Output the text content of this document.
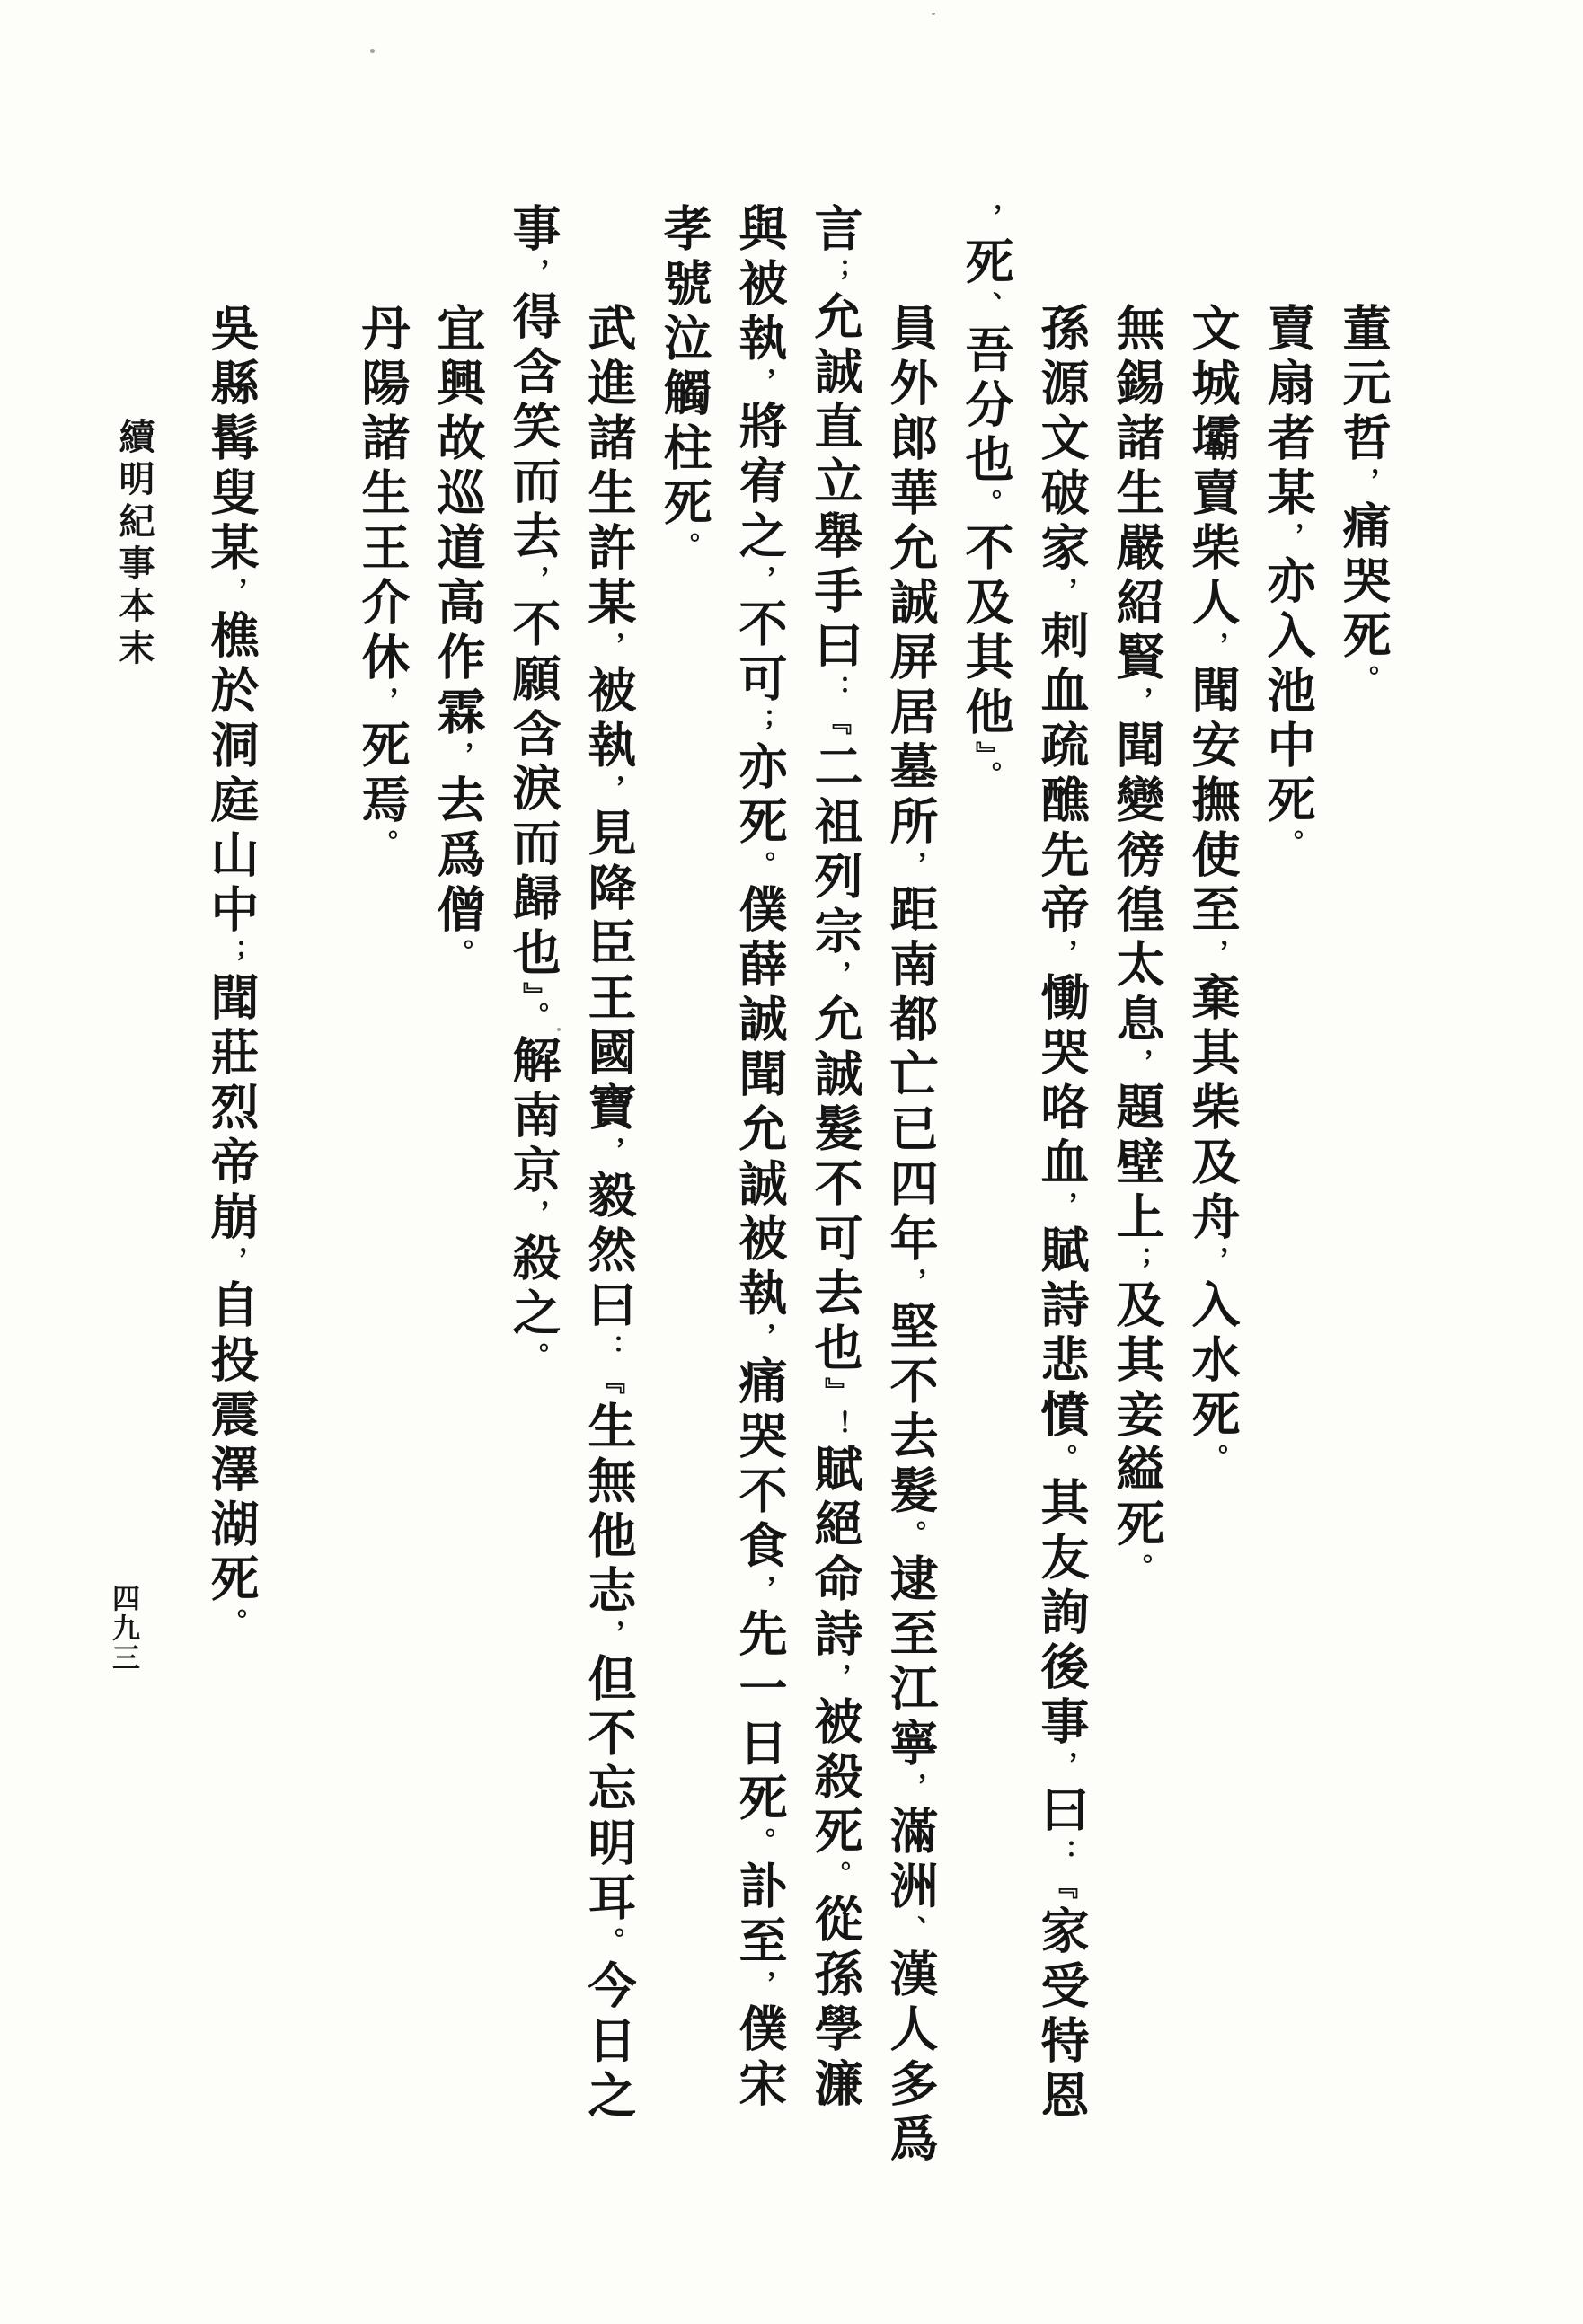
董元哲，痛哭死。
賣扇者某，亦入池中死。
文城壩賣柴人，聞安撫使至，棄其柴及舟，入水死。
無錫諸生嚴紹賢，聞變徬徨太息，題壁上；及其妾縊死。
孫源文破家，刺血疏醮先帝，慟哭咯血，賦詩悲憤。其友詢後事，曰：『家受特恩
，死、吾分也。不及其他』。
員外郎華允誠屏居墓所，距南都亡已四年，堅不去髮。逮至江寧，滿洲、漢人多爲
言；允誠直立舉手曰：『二祖列宗，允誠髮不可去也』！賦絕命詩，被殺死。從孫學濂
與被執，將宥之，不可；亦死。僕薛誠聞允誠被執，痛哭不食，先一日死。訃至，僕宋
孝號泣觸柱死。
武進諸生許某，被執，見降臣王國寶，毅然曰：『生無他志，但不忘明耳。今日之
事，得含笑而去，不願含淚而歸也』。解南京，殺之。
宜興故巡道高作霖，去爲僧。
丹陽諸生王介休，死焉。
吳縣髯叟某，樵於洞庭山中；聞莊烈帝崩，自投震澤湖死。
續明紀事本末
四九三
